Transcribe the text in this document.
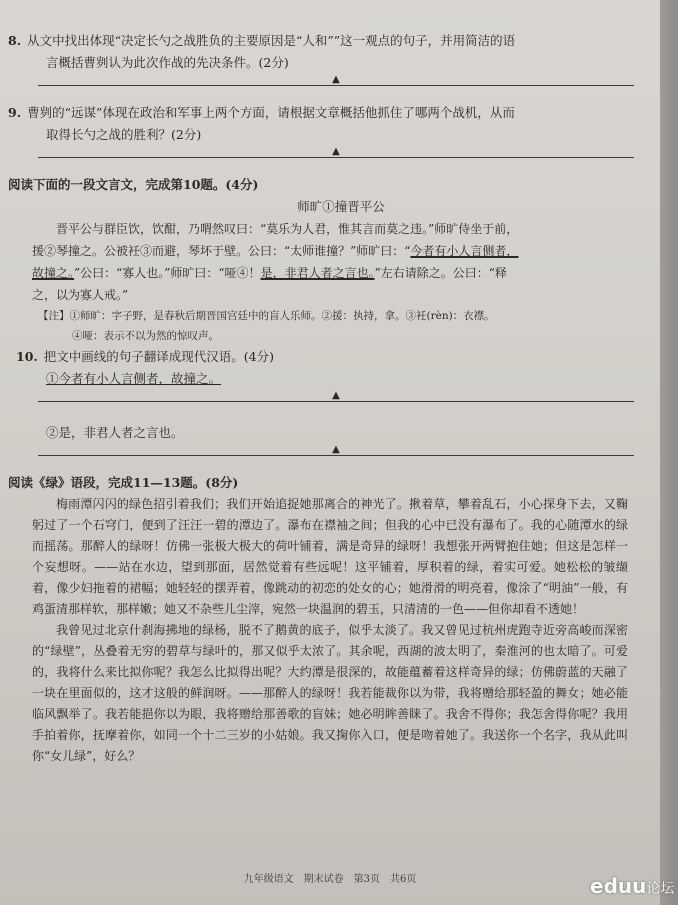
8. 从文中找出体现“决定长勺之战胜负的主要原因是“人和””这一观点的句子，并用简洁的语
言概括曹刿认为此次作战的先决条件。(2分)
▲
9. 曹刿的“远谋”体现在政治和军事上两个方面，请根据文章概括他抓住了哪两个战机，从而
取得长勺之战的胜利？(2分)
▲
阅读下面的一段文言文，完成第10题。(4分)
师旷①撞晋平公

晋平公与群臣饮，饮酣，乃喟然叹曰：“莫乐为人君，惟其言而莫之违。”师旷侍坐于前，

援②琴撞之。公被衽③而避，琴坏于壁。公曰：“太师谁撞？”师旷曰：“今者有小人言侧者，
故撞之。”公曰：“寡人也。”师旷曰：“哑④！是，非君人者之言也。”左右请除之。公曰：“释
之，以为寡人戒。”
【注】①师旷：字子野，是春秋后期晋国宫廷中的盲人乐师。②援：执持，拿。③衽(rèn)：衣襟。
④哑：表示不以为然的惊叹声。
10. 把文中画线的句子翻译成现代汉语。(4分)
①今者有小人言侧者，故撞之。
▲
②是，非君人者之言也。
▲
阅读《绿》语段，完成11—13题。(8分)

梅雨潭闪闪的绿色招引着我们；我们开始追捉她那离合的神光了。揪着草，攀着乱石，小心探身下去，又鞠躬过了一个石穹门，便到了汪汪一碧的潭边了。瀑布在襟袖之间；但我的心中已没有瀑布了。我的心随潭水的绿而摇荡。那醉人的绿呀！仿佛一张极大极大的荷叶铺着，满是奇异的绿呀！我想张开两臂抱住她；但这是怎样一个妄想呀。——站在水边，望到那面，居然觉着有些远呢！这平铺着，厚积着的绿，着实可爱。她松松的皱缬着，像少妇拖着的裙幅；她轻轻的摆弄着，像跳动的初恋的处女的心；她滑滑的明亮着，像涂了“明油”一般，有鸡蛋清那样软，那样嫩；她又不杂些儿尘滓，宛然一块温润的碧玉，只清清的一色——但你却看不透她！

我曾见过北京什刹海拂地的绿杨，脱不了鹅黄的底子，似乎太淡了。我又曾见过杭州虎跑寺近旁高峻而深密的“绿壁”，丛叠着无穷的碧草与绿叶的，那又似乎太浓了。其余呢，西湖的波太明了，秦淮河的也太暗了。可爱的，我将什么来比拟你呢？我怎么比拟得出呢？大约潭是很深的，故能蕴蓄着这样奇异的绿；仿佛蔚蓝的天融了一块在里面似的，这才这般的鲜润呀。——那醉人的绿呀！我若能裁你以为带，我将赠给那轻盈的舞女；她必能临风飘举了。我若能挹你以为眼，我将赠给那善歌的盲妹；她必明眸善睐了。我舍不得你；我怎舍得你呢？我用手拍着你，抚摩着你，如同一个十二三岁的小姑娘。我又掬你入口，便是吻着她了。我送你一个名字，我从此叫你“女儿绿”，好么？

九年级语文　期末试卷　第3页　共6页	eduu论坛
